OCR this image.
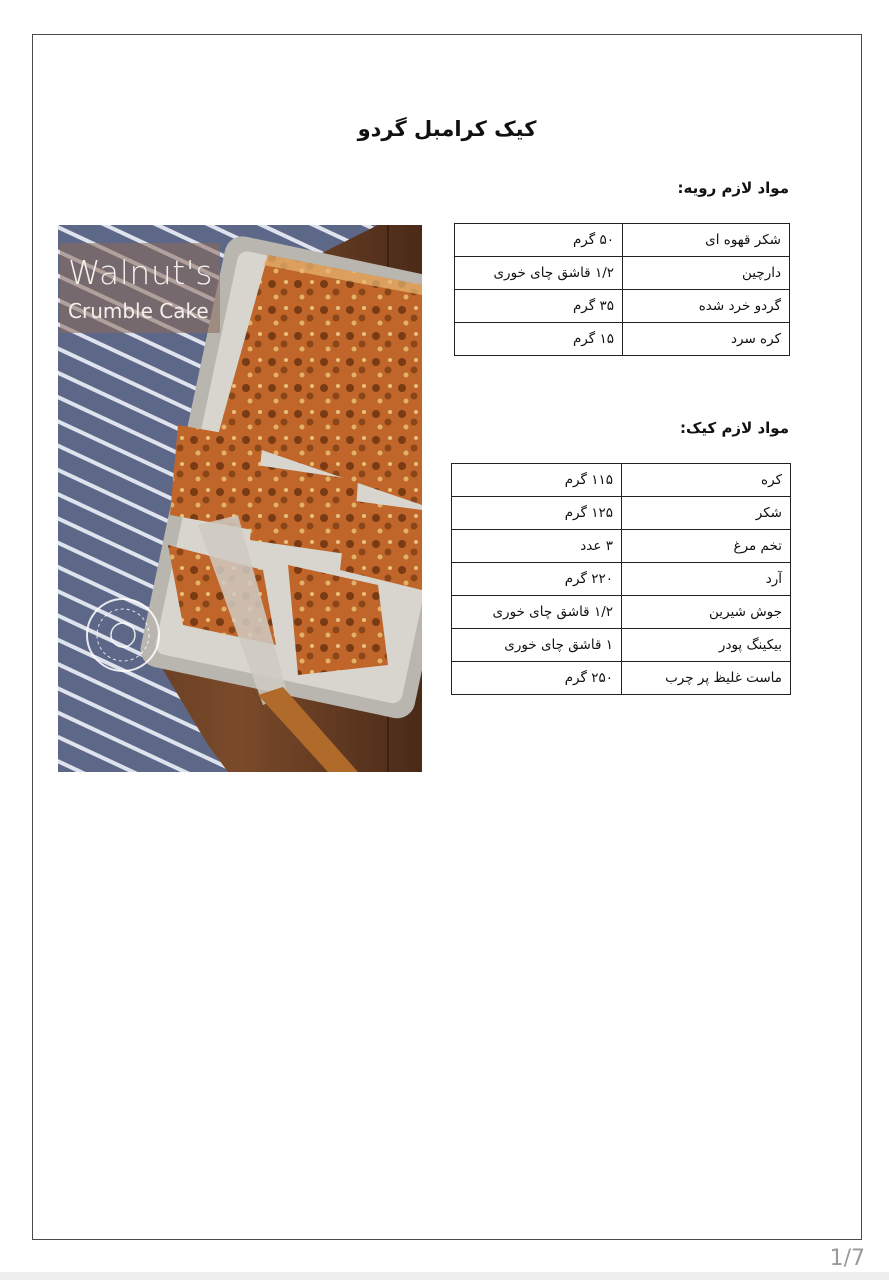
کیک کرامبل گردو
مواد لازم رویه:
شکر قهوه ای	۵۰ گرم
دارچین	۱/۲ قاشق چای خوری
گردو خرد شده	۳۵ گرم
کره سرد	۱۵ گرم
مواد لازم کیک:
کره	۱۱۵ گرم
شکر	۱۲۵ گرم
تخم مرغ	۳ عدد
آرد	۲۲۰ گرم
جوش شیرین	۱/۲ قاشق چای خوری
بیکینگ پودر	۱ قاشق چای خوری
ماست غلیظ پر چرب	۲۵۰ گرم
Walnut's
Crumble Cake
1/7
